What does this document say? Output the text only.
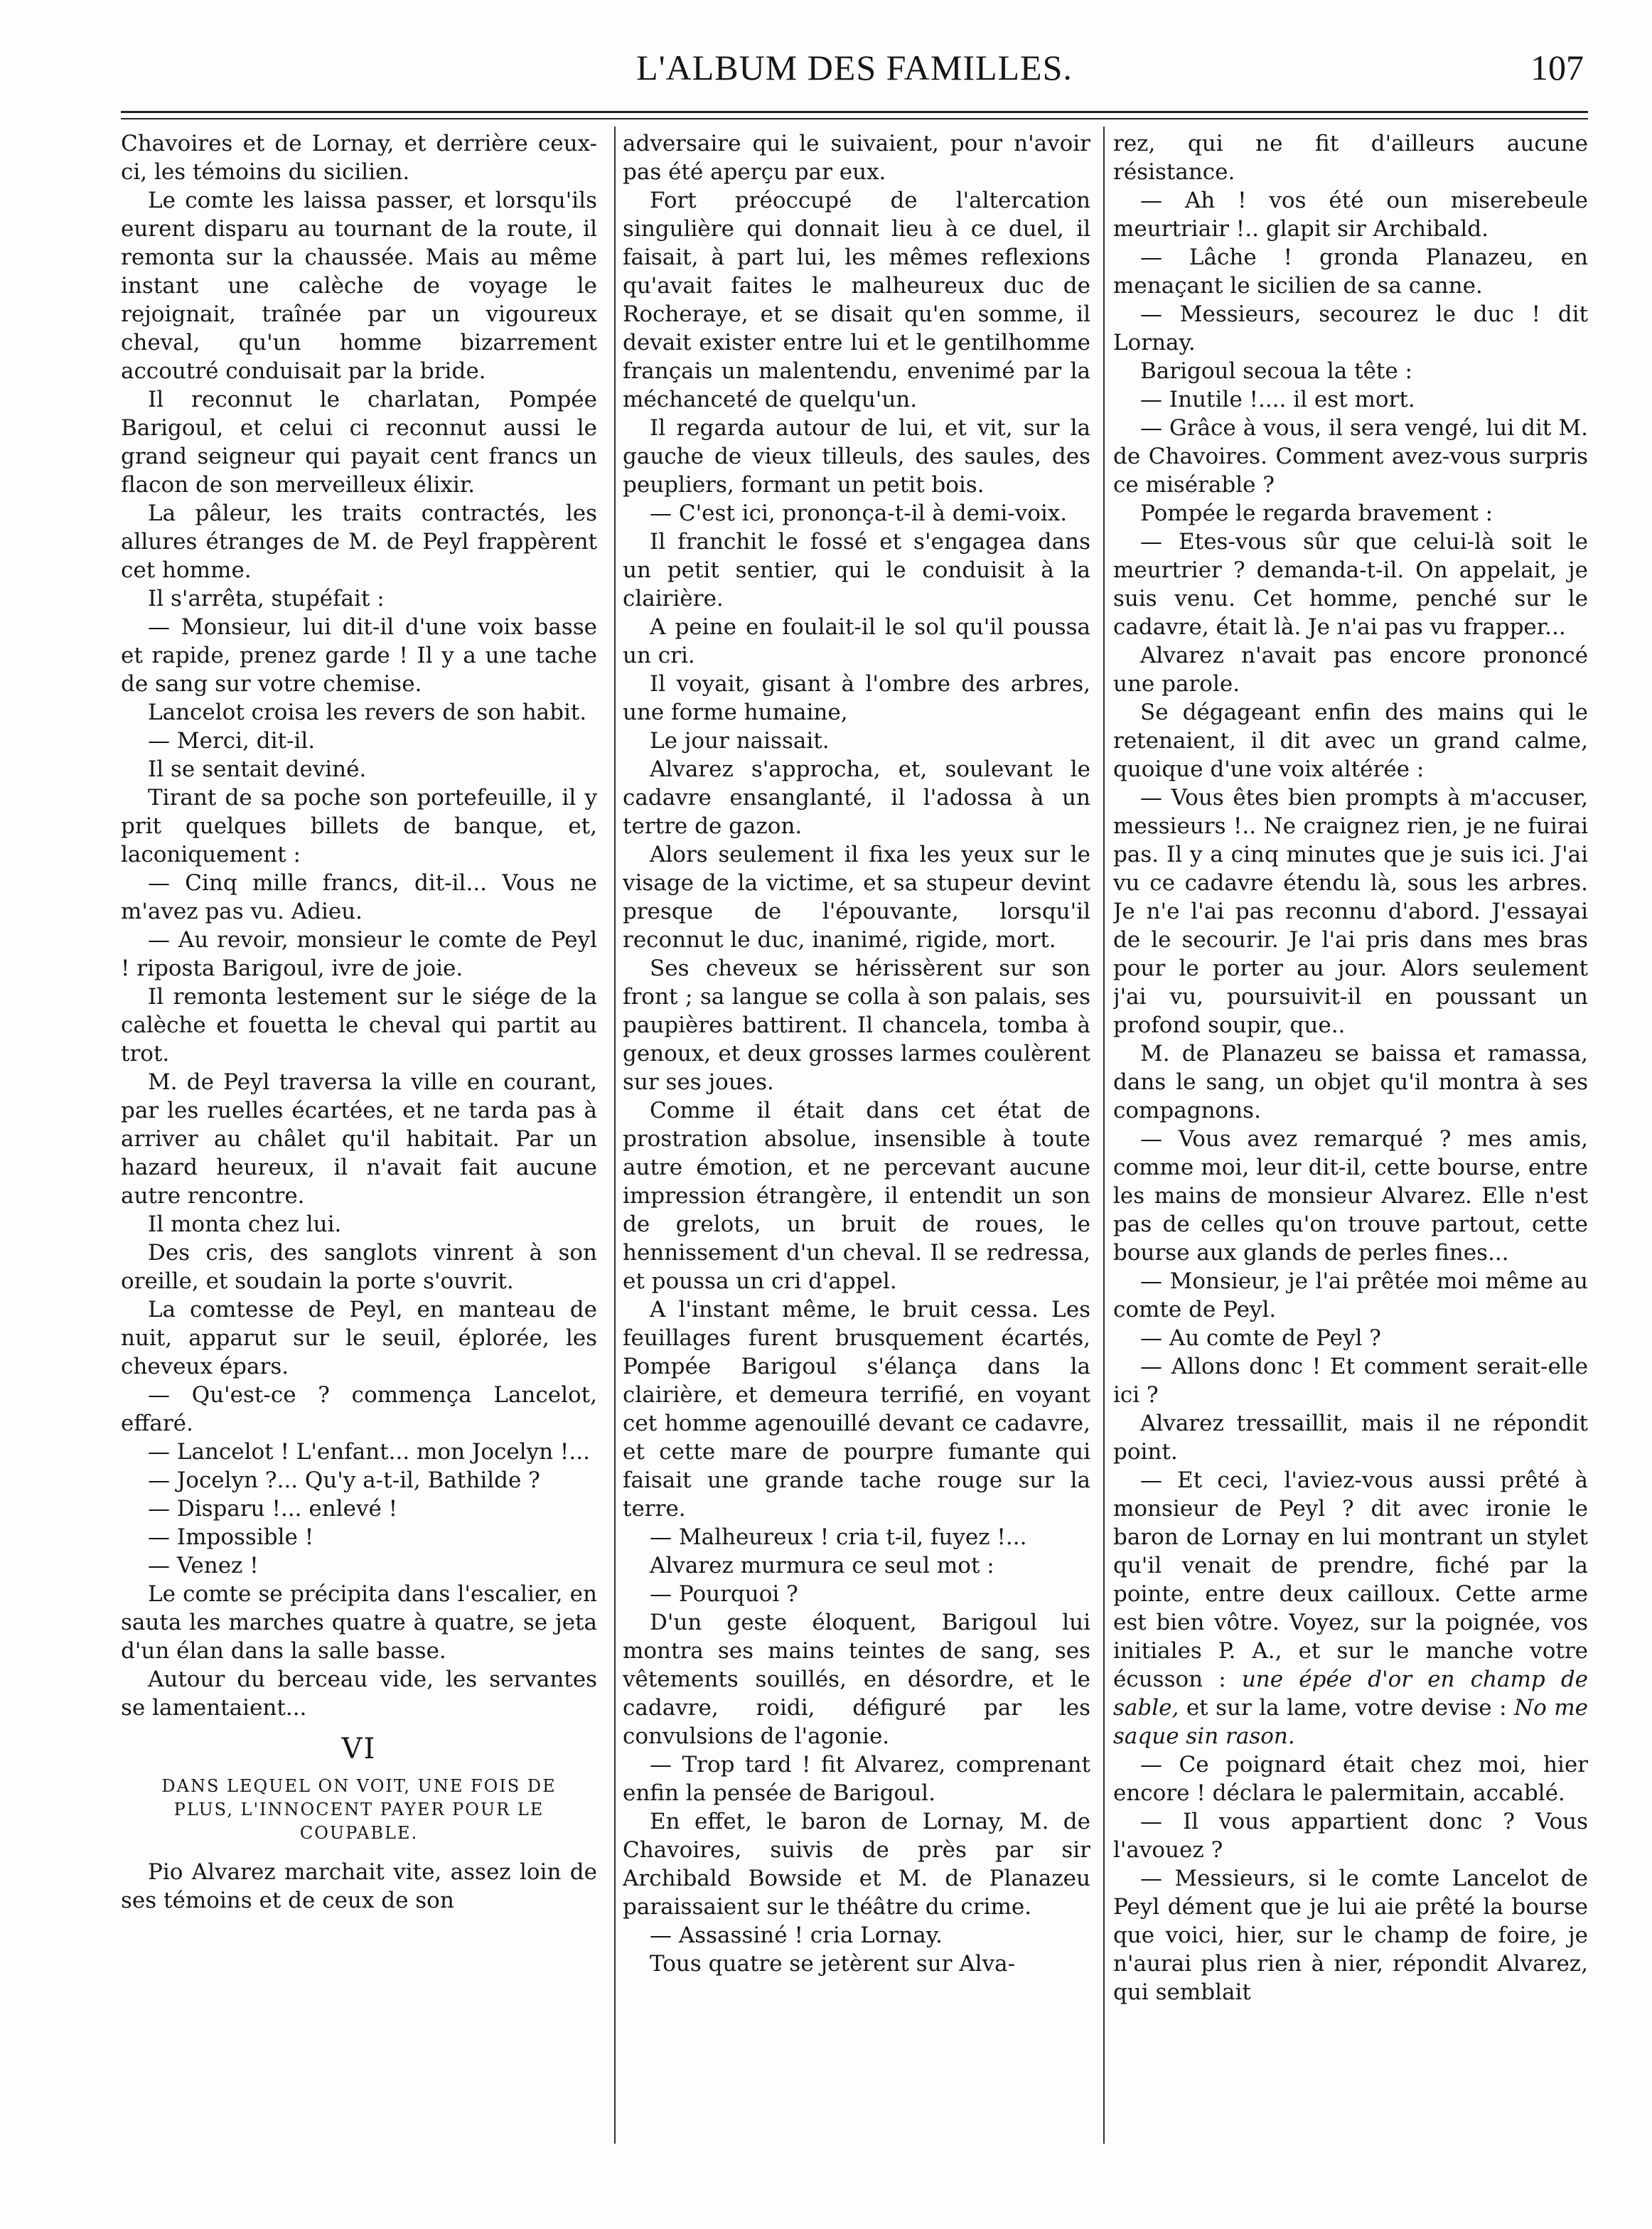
L'ALBUM DES FAMILLES.	107

Chavoires et de Lornay, et derrière ceux-ci, les témoins du sicilien.

Le comte les laissa passer, et lorsqu'ils eurent disparu au tournant de la route, il remonta sur la chaussée. Mais au même instant une calèche de voyage le rejoignait, traînée par un vigoureux cheval, qu'un homme bizarrement accoutré conduisait par la bride.

Il reconnut le charlatan, Pompée Barigoul, et celui ci reconnut aussi le grand seigneur qui payait cent francs un flacon de son merveilleux élixir.

La pâleur, les traits contractés, les allures étranges de M. de Peyl frappèrent cet homme.

Il s'arrêta, stupéfait :

— Monsieur, lui dit-il d'une voix basse et rapide, prenez garde ! Il y a une tache de sang sur votre chemise.

Lancelot croisa les revers de son habit.

— Merci, dit-il.

Il se sentait deviné.

Tirant de sa poche son portefeuille, il y prit quelques billets de banque, et, laconiquement :

— Cinq mille francs, dit-il... Vous ne m'avez pas vu. Adieu.

— Au revoir, monsieur le comte de Peyl ! riposta Barigoul, ivre de joie.

Il remonta lestement sur le siége de la calèche et fouetta le cheval qui partit au trot.

M. de Peyl traversa la ville en courant, par les ruelles écartées, et ne tarda pas à arriver au châlet qu'il habitait. Par un hazard heureux, il n'avait fait aucune autre rencontre.

Il monta chez lui.

Des cris, des sanglots vinrent à son oreille, et soudain la porte s'ouvrit.

La comtesse de Peyl, en manteau de nuit, apparut sur le seuil, éplorée, les cheveux épars.

— Qu'est-ce ? commença Lancelot, effaré.

— Lancelot ! L'enfant... mon Jocelyn !...

— Jocelyn ?... Qu'y a-t-il, Bathilde ?

— Disparu !... enlevé !

— Impossible !

— Venez !

Le comte se précipita dans l'escalier, en sauta les marches quatre à quatre, se jeta d'un élan dans la salle basse.

Autour du berceau vide, les servantes se lamentaient...

VI
DANS LEQUEL ON VOIT, UNE FOIS DE PLUS, L'INNOCENT PAYER POUR LE COUPABLE.

Pio Alvarez marchait vite, assez loin de ses témoins et de ceux de son

adversaire qui le suivaient, pour n'avoir pas été aperçu par eux.

Fort préoccupé de l'altercation singulière qui donnait lieu à ce duel, il faisait, à part lui, les mêmes reflexions qu'avait faites le malheureux duc de Rocheraye, et se disait qu'en somme, il devait exister entre lui et le gentilhomme français un malentendu, envenimé par la méchanceté de quelqu'un.

Il regarda autour de lui, et vit, sur la gauche de vieux tilleuls, des saules, des peupliers, formant un petit bois.

— C'est ici, prononça-t-il à demi-voix.

Il franchit le fossé et s'engagea dans un petit sentier, qui le conduisit à la clairière.

A peine en foulait-il le sol qu'il poussa un cri.

Il voyait, gisant à l'ombre des arbres, une forme humaine,

Le jour naissait.

Alvarez s'approcha, et, soulevant le cadavre ensanglanté, il l'adossa à un tertre de gazon.

Alors seulement il fixa les yeux sur le visage de la victime, et sa stupeur devint presque de l'épouvante, lorsqu'il reconnut le duc, inanimé, rigide, mort.

Ses cheveux se hérissèrent sur son front ; sa langue se colla à son palais, ses paupières battirent. Il chancela, tomba à genoux, et deux grosses larmes coulèrent sur ses joues.

Comme il était dans cet état de prostration absolue, insensible à toute autre émotion, et ne percevant aucune impression étrangère, il entendit un son de grelots, un bruit de roues, le hennissement d'un cheval. Il se redressa, et poussa un cri d'appel.

A l'instant même, le bruit cessa. Les feuillages furent brusquement écartés, Pompée Barigoul s'élança dans la clairière, et demeura terrifié, en voyant cet homme agenouillé devant ce cadavre, et cette mare de pourpre fumante qui faisait une grande tache rouge sur la terre.

— Malheureux ! cria t-il, fuyez !...

Alvarez murmura ce seul mot :

— Pourquoi ?

D'un geste éloquent, Barigoul lui montra ses mains teintes de sang, ses vêtements souillés, en désordre, et le cadavre, roidi, défiguré par les convulsions de l'agonie.

— Trop tard ! fit Alvarez, comprenant enfin la pensée de Barigoul.

En effet, le baron de Lornay, M. de Chavoires, suivis de près par sir Archibald Bowside et M. de Planazeu paraissaient sur le théâtre du crime.

— Assassiné ! cria Lornay.

Tous quatre se jetèrent sur Alva-

rez, qui ne fit d'ailleurs aucune résistance.

— Ah ! vos été oun miserebeule meurtriair !.. glapit sir Archibald.

— Lâche ! gronda Planazeu, en menaçant le sicilien de sa canne.

— Messieurs, secourez le duc ! dit Lornay.

Barigoul secoua la tête :

— Inutile !.... il est mort.

— Grâce à vous, il sera vengé, lui dit M. de Chavoires. Comment avez-vous surpris ce misérable ?

Pompée le regarda bravement :

— Etes-vous sûr que celui-là soit le meurtrier ? demanda-t-il. On appelait, je suis venu. Cet homme, penché sur le cadavre, était là. Je n'ai pas vu frapper...

Alvarez n'avait pas encore prononcé une parole.

Se dégageant enfin des mains qui le retenaient, il dit avec un grand calme, quoique d'une voix altérée :

— Vous êtes bien prompts à m'accuser, messieurs !.. Ne craignez rien, je ne fuirai pas. Il y a cinq minutes que je suis ici. J'ai vu ce cadavre étendu là, sous les arbres. Je n'e l'ai pas reconnu d'abord. J'essayai de le secourir. Je l'ai pris dans mes bras pour le porter au jour. Alors seulement j'ai vu, poursuivit-il en poussant un profond soupir, que..

M. de Planazeu se baissa et ramassa, dans le sang, un objet qu'il montra à ses compagnons.

— Vous avez remarqué ? mes amis, comme moi, leur dit-il, cette bourse, entre les mains de monsieur Alvarez. Elle n'est pas de celles qu'on trouve partout, cette bourse aux glands de perles fines...

— Monsieur, je l'ai prêtée moi même au comte de Peyl.

— Au comte de Peyl ?

— Allons donc ! Et comment serait-elle ici ?

Alvarez tressaillit, mais il ne répondit point.

— Et ceci, l'aviez-vous aussi prêté à monsieur de Peyl ? dit avec ironie le baron de Lornay en lui montrant un stylet qu'il venait de prendre, fiché par la pointe, entre deux cailloux. Cette arme est bien vôtre. Voyez, sur la poignée, vos initiales P. A., et sur le manche votre écusson : une épée d'or en champ de sable, et sur la lame, votre devise : No me saque sin rason.

— Ce poignard était chez moi, hier encore ! déclara le palermitain, accablé.

— Il vous appartient donc ? Vous l'avouez ?

— Messieurs, si le comte Lancelot de Peyl dément que je lui aie prêté la bourse que voici, hier, sur le champ de foire, je n'aurai plus rien à nier, répondit Alvarez, qui semblait
